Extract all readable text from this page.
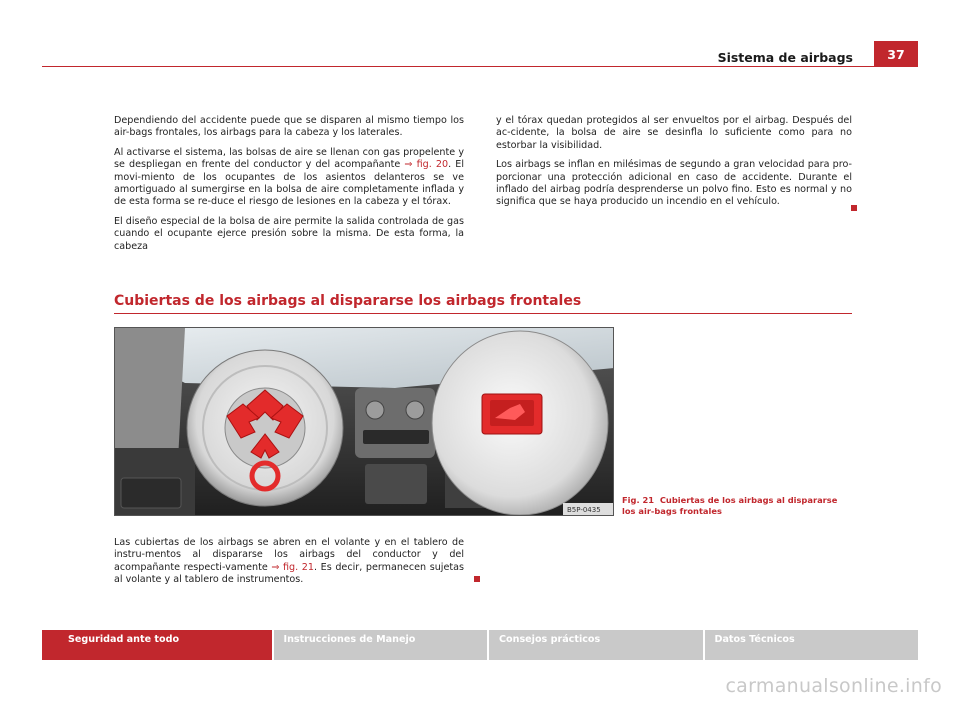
Sistema de airbags	37

Dependiendo del accidente puede que se disparen al mismo tiempo los air-bags frontales, los airbags para la cabeza y los laterales.

Al activarse el sistema, las bolsas de aire se llenan con gas propelente y se despliegan en frente del conductor y del acompañante ⇒ fig. 20. El movi-miento de los ocupantes de los asientos delanteros se ve amortiguado al sumergirse en la bolsa de aire completamente inflada y de esta forma se re-duce el riesgo de lesiones en la cabeza y el tórax.

El diseño especial de la bolsa de aire permite la salida controlada de gas cuando el ocupante ejerce presión sobre la misma. De esta forma, la cabeza

y el tórax quedan protegidos al ser envueltos por el airbag. Después del ac-cidente, la bolsa de aire se desinfla lo suficiente como para no estorbar la visibilidad.

Los airbags se inflan en milésimas de segundo a gran velocidad para pro-porcionar una protección adicional en caso de accidente. Durante el inflado del airbag podría desprenderse un polvo fino. Esto es normal y no significa que se haya producido un incendio en el vehículo.

Cubiertas de los airbags al dispararse los airbags frontales
B5P-0435
Fig. 21 Cubiertas de los airbags al dispararse los air-bags frontales

Las cubiertas de los airbags se abren en el volante y en el tablero de instru-mentos al dispararse los airbags del conductor y del acompañante respecti-vamente ⇒ fig. 21. Es decir, permanecen sujetas al volante y al tablero de instrumentos.

Seguridad ante todo	Instrucciones de Manejo	Consejos prácticos	Datos Técnicos
carmanualsonline.info
